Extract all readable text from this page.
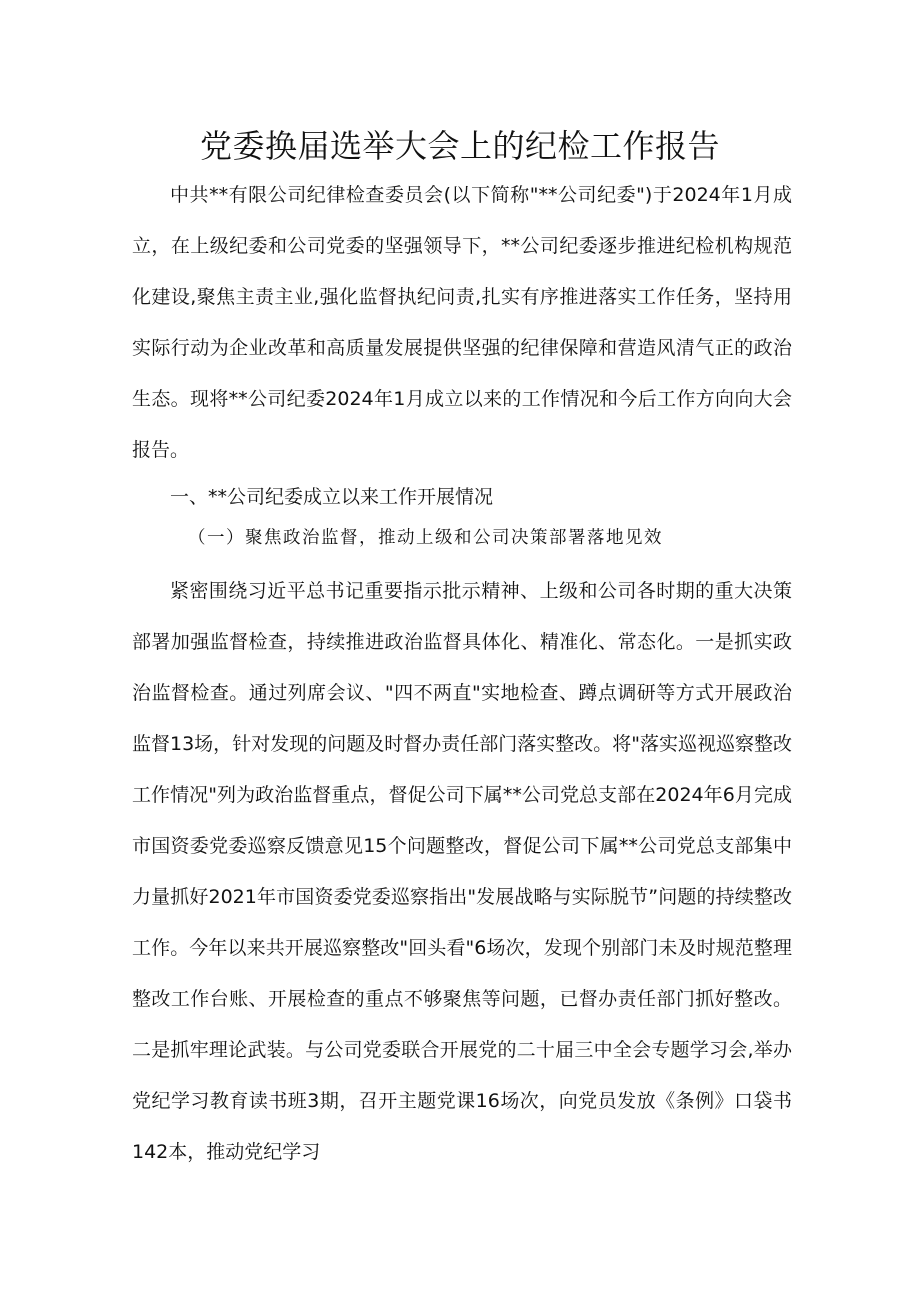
党委换届选举大会上的纪检工作报告
中共**有限公司纪律检查委员会(以下简称"**公司纪委")于2024年1月成立，在上级纪委和公司党委的坚强领导下，**公司纪委逐步推进纪检机构规范化建设,聚焦主责主业,强化监督执纪问责,扎实有序推进落实工作任务，坚持用实际行动为企业改革和高质量发展提供坚强的纪律保障和营造风清气正的政治生态。现将**公司纪委2024年1月成立以来的工作情况和今后工作方向向大会报告。
一、**公司纪委成立以来工作开展情况
（一）聚焦政治监督，推动上级和公司决策部署落地见效
紧密围绕习近平总书记重要指示批示精神、上级和公司各时期的重大决策部署加强监督检查，持续推进政治监督具体化、精准化、常态化。一是抓实政治监督检查。通过列席会议、"四不两直"实地检查、蹲点调研等方式开展政治监督13场，针对发现的问题及时督办责任部门落实整改。将"落实巡视巡察整改工作情况"列为政治监督重点，督促公司下属**公司党总支部在2024年6月完成市国资委党委巡察反馈意见15个问题整改，督促公司下属**公司党总支部集中力量抓好2021年市国资委党委巡察指出"发展战略与实际脱节”问题的持续整改工作。今年以来共开展巡察整改"回头看"6场次，发现个别部门未及时规范整理整改工作台账、开展检查的重点不够聚焦等问题，已督办责任部门抓好整改。二是抓牢理论武装。与公司党委联合开展党的二十届三中全会专题学习会,举办党纪学习教育读书班3期，召开主题党课16场次，向党员发放《条例》口袋书142本，推动党纪学习
